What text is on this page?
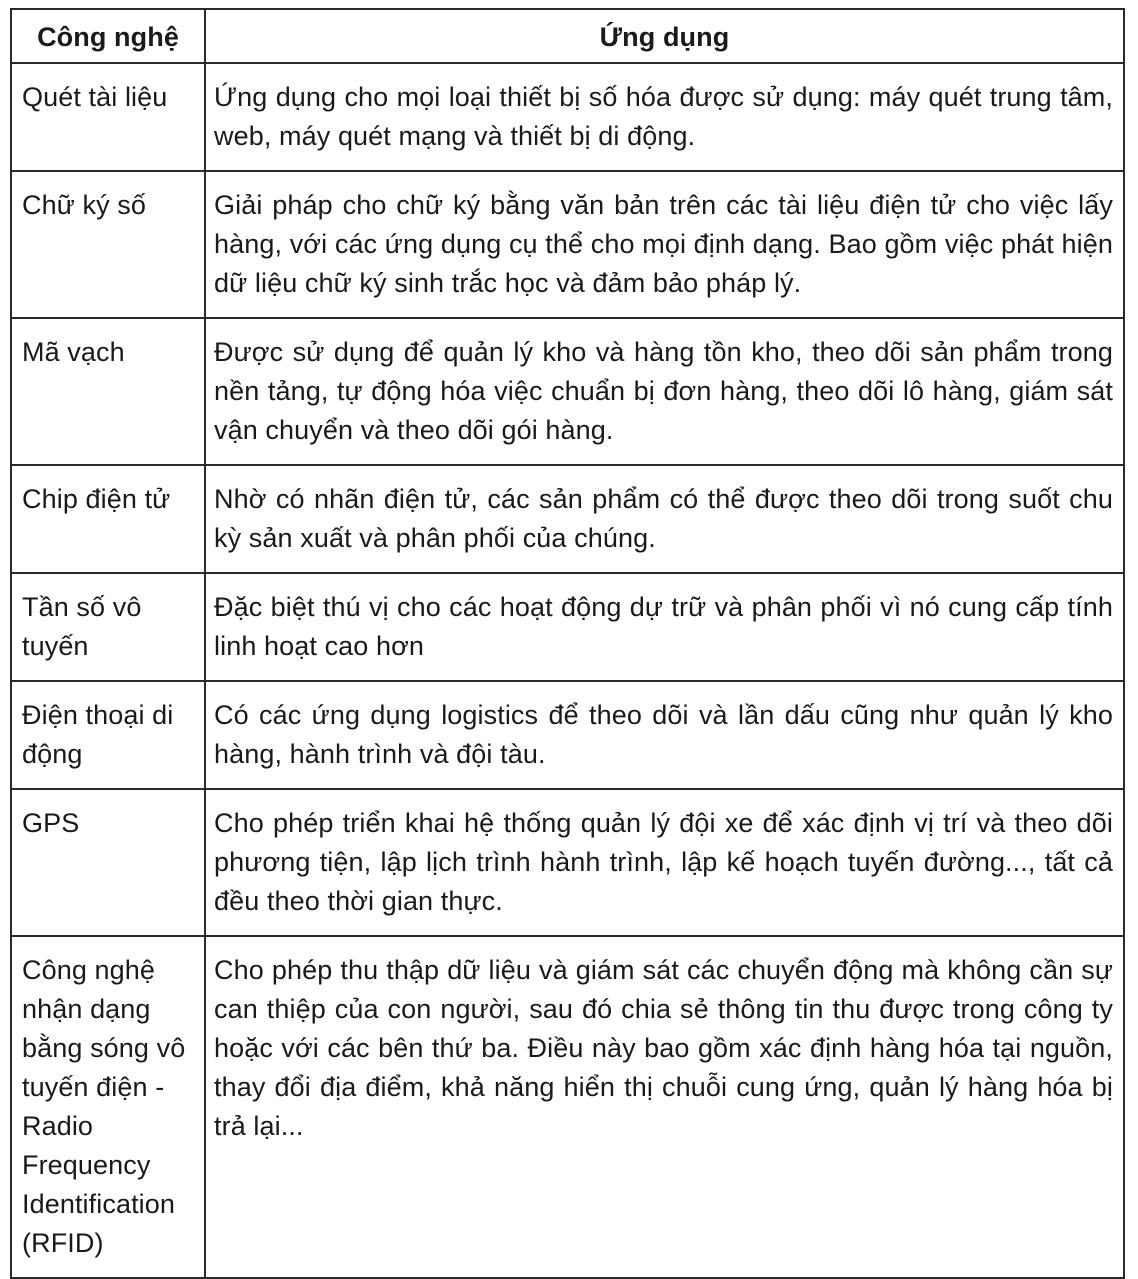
Công nghệ	Ứng dụng
Quét tài liệu	Ứng dụng cho mọi loại thiết bị số hóa được sử dụng: máy quét trung tâm, web, máy quét mạng và thiết bị di động.
Chữ ký số	Giải pháp cho chữ ký bằng văn bản trên các tài liệu điện tử cho việc lấy hàng, với các ứng dụng cụ thể cho mọi định dạng. Bao gồm việc phát hiện dữ liệu chữ ký sinh trắc học và đảm bảo pháp lý.
Mã vạch	Được sử dụng để quản lý kho và hàng tồn kho, theo dõi sản phẩm trong nền tảng, tự động hóa việc chuẩn bị đơn hàng, theo dõi lô hàng, giám sát vận chuyển và theo dõi gói hàng.
Chip điện tử	Nhờ có nhãn điện tử, các sản phẩm có thể được theo dõi trong suốt chu kỳ sản xuất và phân phối của chúng.
Tần số vô tuyến	Đặc biệt thú vị cho các hoạt động dự trữ và phân phối vì nó cung cấp tính linh hoạt cao hơn
Điện thoại di động	Có các ứng dụng logistics để theo dõi và lần dấu cũng như quản lý kho hàng, hành trình và đội tàu.
GPS	Cho phép triển khai hệ thống quản lý đội xe để xác định vị trí và theo dõi phương tiện, lập lịch trình hành trình, lập kế hoạch tuyến đường..., tất cả đều theo thời gian thực.
Công nghệ nhận dạng bằng sóng vô tuyến điện - Radio Frequency Identification (RFID)	Cho phép thu thập dữ liệu và giám sát các chuyển động mà không cần sự can thiệp của con người, sau đó chia sẻ thông tin thu được trong công ty hoặc với các bên thứ ba. Điều này bao gồm xác định hàng hóa tại nguồn, thay đổi địa điểm, khả năng hiển thị chuỗi cung ứng, quản lý hàng hóa bị trả lại...
